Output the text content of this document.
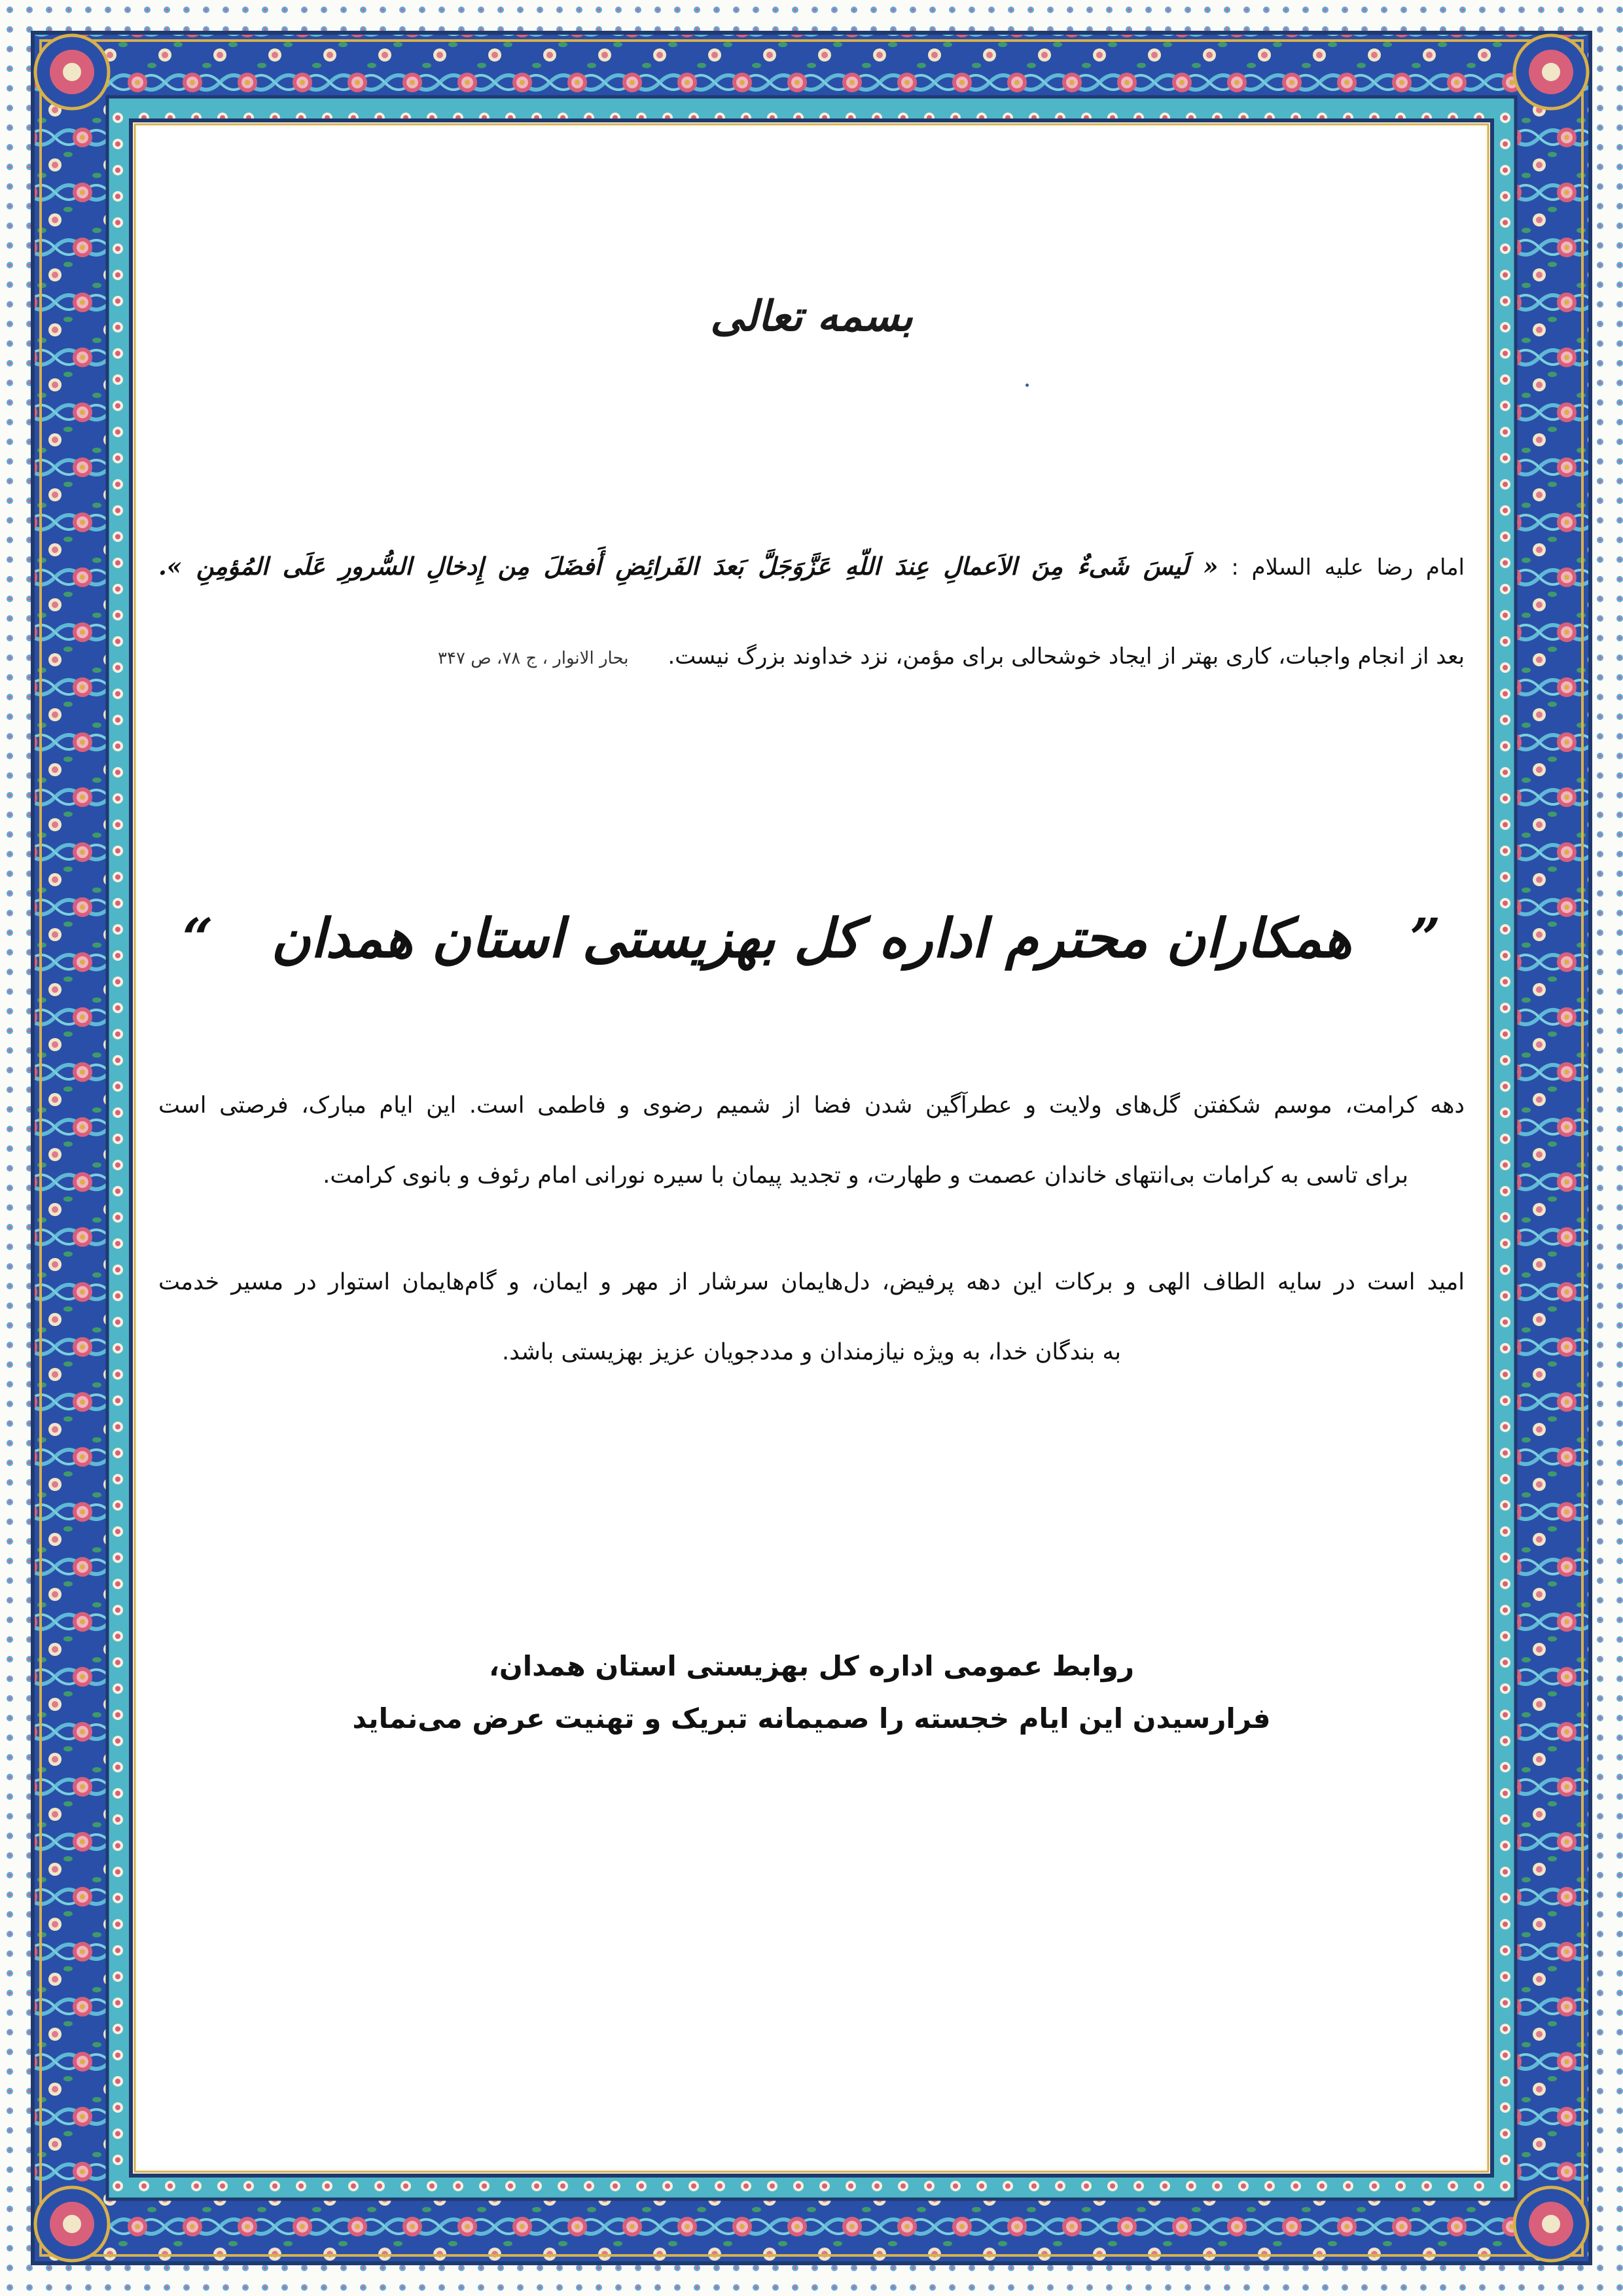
بسمه تعالی
امام رضا علیه السلام : « لَیسَ شَیءٌ مِنَ الاَعمالِ عِندَ اللّهِ عَزَّوَجَلَّ بَعدَ الفَرائِضِ أَفضَلَ مِن إِدخالِ السُّرورِ عَلَی المُؤمِنِ ».
بعد از انجام واجبات، کاری بهتر از ایجاد خوشحالی برای مؤمن، نزد خداوند بزرگ نیست.
بحار الانوار ، ج ۷۸، ص ۳۴۷
” همکاران محترم اداره کل بهزیستی استان همدان “
دهه کرامت، موسم شکفتن گل‌های ولایت و عطرآگین شدن فضا از شمیم رضوی و فاطمی است. این ایام مبارک، فرصتی است
برای تاسی به کرامات بی‌انتهای خاندان عصمت و طهارت، و تجدید پیمان با سیره نورانی امام رئوف و بانوی کرامت.
امید است در سایه الطاف الهی و برکات این دهه پرفیض، دل‌هایمان سرشار از مهر و ایمان، و گام‌هایمان استوار در مسیر خدمت
به بندگان خدا، به ویژه نیازمندان و مددجویان عزیز بهزیستی باشد.
روابط عمومی اداره کل بهزیستی استان همدان،
فرارسیدن این ایام خجسته را صمیمانه تبریک و تهنیت عرض می‌نماید
